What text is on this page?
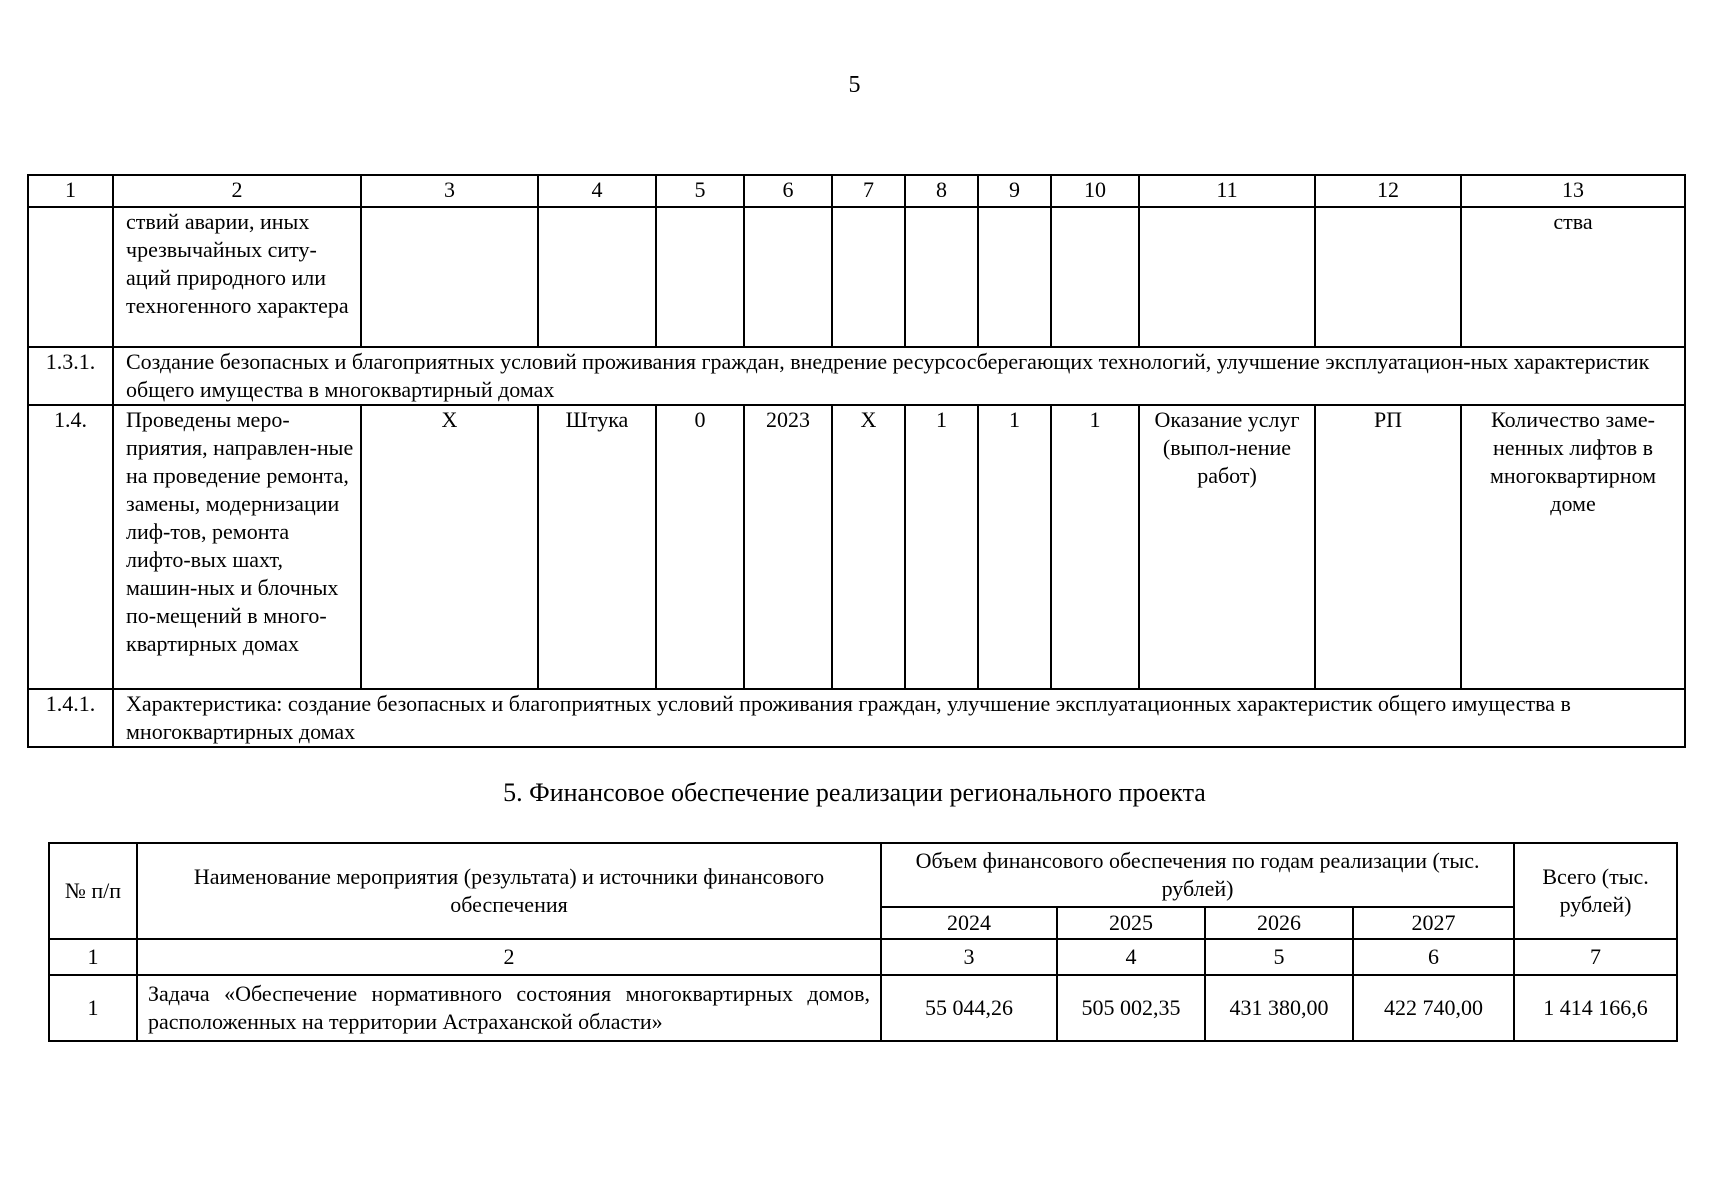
5
1	2	3	4	5	6	7	8	9	10	11	12	13
	ствий аварии, иных чрезвычайных ситу-аций природного или техногенного характера											ства
1.3.1.	Создание безопасных и благоприятных условий проживания граждан, внедрение ресурсосберегающих технологий, улучшение эксплуатацион-ных характеристик общего имущества в многоквартирный домах											
1.4.	Проведены меро-приятия, направлен-ные на проведение ремонта, замены, модернизации лиф-тов, ремонта лифто-вых шахт, машин-ных и блочных по-мещений в много-квартирных домах	Х	Штука	0	2023	Х	1	1	1	Оказание услуг (выпол-нение работ)	РП	Количество заме-ненных лифтов в многоквартирном доме
1.4.1.	Характеристика: создание безопасных и благоприятных условий проживания граждан, улучшение эксплуатационных характеристик общего имущества в многоквартирных домах											
5. Финансовое обеспечение реализации регионального проекта
№ п/п	Наименование мероприятия (результата) и источники финансового обеспечения	Объем финансового обеспечения по годам реализации (тыс. рублей)				Всего (тыс. рублей)
		2024	2025	2026	2027	
1	2	3	4	5	6	7
1	Задача «Обеспечение нормативного состояния многоквартирных домов, расположенных на территории Астраханской области»	55 044,26	505 002,35	431 380,00	422 740,00	1 414 166,6
